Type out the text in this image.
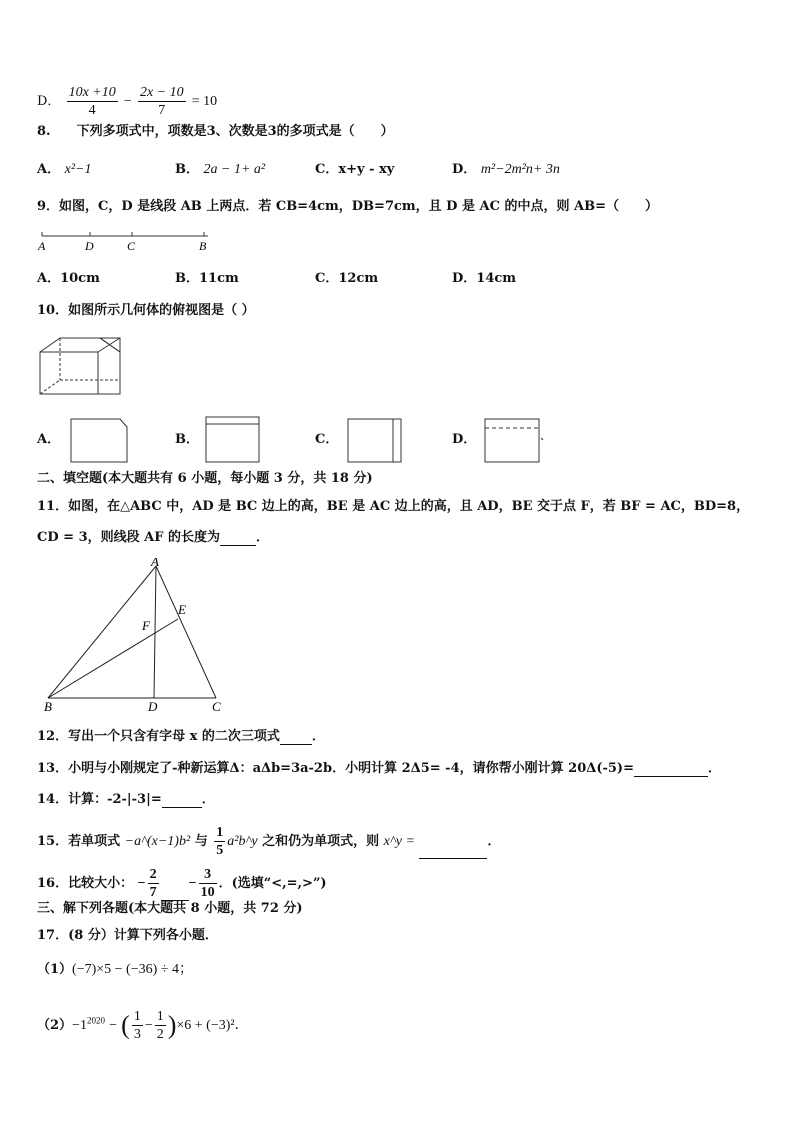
D． $\frac{10x +10}{4} - \frac{2x - 10}{7} = 10$
8.　　下列多项式中，项数是3、次数是3的多项式是（　　）
A． x²−1	B． 2a − 1+ a²	C．x+y - xy	D． m²−2m²n+ 3n
9．如图，C，D 是线段 AB 上两点．若 CB=4cm，DB=7cm，且 D 是 AC 的中点，则 AB=（　　）
A	D	C	B
A．10cm	B．11cm	C．12cm	D．14cm
10．如图所示几何体的俯视图是（ ）
A．	B．	C．	D．
二、填空题(本大题共有 6 小题，每小题 3 分，共 18 分)
11．如图，在△ABC 中，AD 是 BC 边上的高，BE 是 AC 边上的高，且 AD，BE 交于点 F，若 BF = AC，BD=8，
CD = 3，则线段 AF 的长度为	．
A
E
F
B	D	C
12．写出一个只含有字母 x 的二次三项式 ．
13．小明与小刚规定了-种新运算Δ：aΔb=3a-2b．小明计算 2Δ5= -4，请你帮小刚计算 20Δ(-5)=	．
14．计算：-2-|-3|=	．
15．若单项式 −a^(x−1)b² 与 $\frac{1}{5}$ a²b^y 之和仍为单项式，则 x^y =	．
16．比较大小： − $\frac{2}{7} - \frac{3}{10}$ ．(选填“<,=,>”)
三、解下列各题(本大题共 8 小题，共 72 分)
17．(8 分）计算下列各小题．
（1）(−7)×5 − (−36) ÷ 4；
$(2)-1^{2020}$ − ( $\frac{1}{3} - \frac{1}{2} )\times 6 + (-3)^2$．
